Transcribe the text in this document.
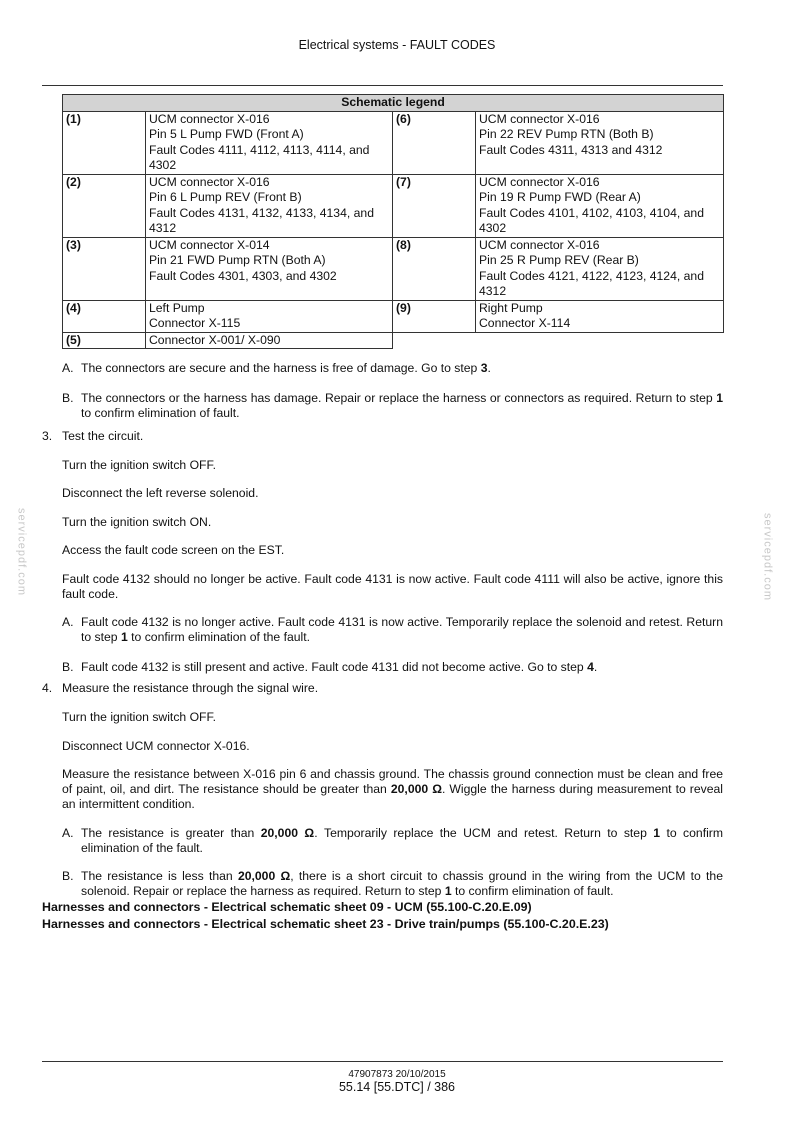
Electrical systems - FAULT CODES
Schematic legend			
(1)	UCM connector X-016
Pin 5 L Pump FWD (Front A)
Fault Codes 4111, 4112, 4113, 4114, and
4302	(6)	UCM connector X-016
Pin 22 REV Pump RTN (Both B)
Fault Codes 4311, 4313 and 4312

(2)	UCM connector X-016
Pin 6 L Pump REV (Front B)
Fault Codes 4131, 4132, 4133, 4134, and
4312	(7)	UCM connector X-016
Pin 19 R Pump FWD (Rear A)
Fault Codes 4101, 4102, 4103, 4104, and
4302

(3)	UCM connector X-014
Pin 21 FWD Pump RTN (Both A)
Fault Codes 4301, 4303, and 4302	(8)	UCM connector X-016
Pin 25 R Pump REV (Rear B)
Fault Codes 4121, 4122, 4123, 4124, and
4312

(4)	Left Pump
Connector X-115	(9)	Right Pump
Connector X-114

(5)	Connector X-001/ X-090		

A. The connectors are secure and the harness is free of damage. Go to step 3.
B. The connectors or the harness has damage. Repair or replace the harness or connectors as required. Return to step 1 to confirm elimination of fault.
3. Test the circuit.
Turn the ignition switch OFF.
Disconnect the left reverse solenoid.
Turn the ignition switch ON.
Access the fault code screen on the EST.
Fault code 4132 should no longer be active. Fault code 4131 is now active. Fault code 4111 will also be active, ignore this fault code.
A. Fault code 4132 is no longer active. Fault code 4131 is now active. Temporarily replace the solenoid and retest. Return to step 1 to confirm elimination of the fault.
B. Fault code 4132 is still present and active. Fault code 4131 did not become active. Go to step 4.
4. Measure the resistance through the signal wire.
Turn the ignition switch OFF.
Disconnect UCM connector X-016.
Measure the resistance between X-016 pin 6 and chassis ground. The chassis ground connection must be clean and free of paint, oil, and dirt. The resistance should be greater than 20,000 Ω. Wiggle the harness during measurement to reveal an intermittent condition.
A. The resistance is greater than 20,000 Ω. Temporarily replace the UCM and retest. Return to step 1 to confirm elimination of the fault.
B. The resistance is less than 20,000 Ω, there is a short circuit to chassis ground in the wiring from the UCM to the solenoid. Repair or replace the harness as required. Return to step 1 to confirm elimination of fault.
Harnesses and connectors - Electrical schematic sheet 09 - UCM (55.100-C.20.E.09)
Harnesses and connectors - Electrical schematic sheet 23 - Drive train/pumps (55.100-C.20.E.23)
servicepdf.com	servicepdf.com
47907873 20/10/2015
55.14 [55.DTC] / 386
